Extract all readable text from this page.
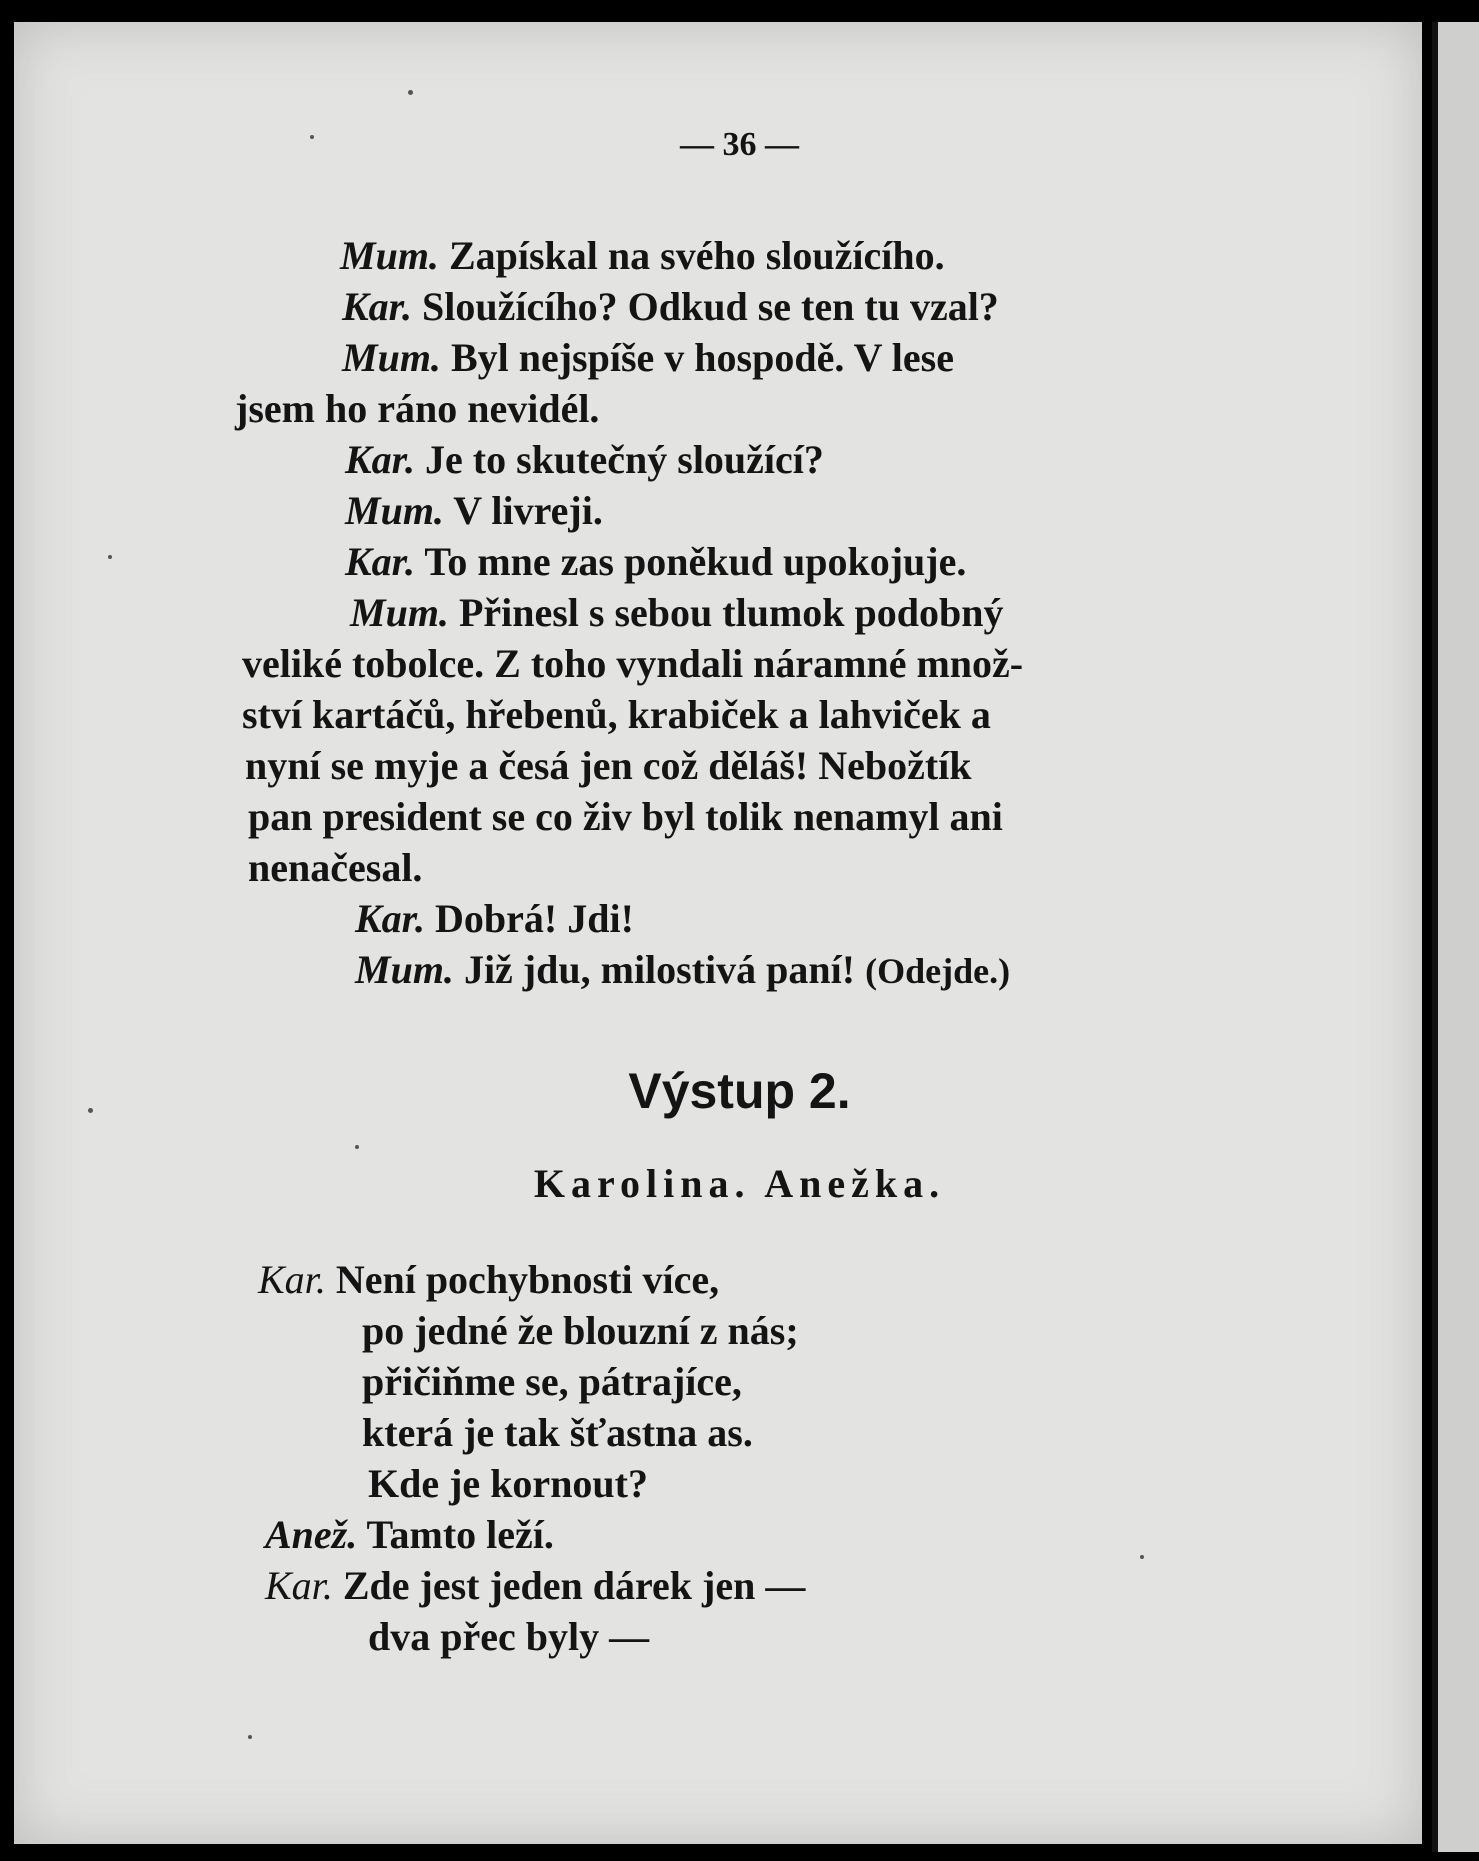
— 36 —
Mum. Zapískal na svého sloužícího.
Kar. Sloužícího? Odkud se ten tu vzal?
Mum. Byl nejspíše v hospodě. V lese
jsem ho ráno nevidél.
Kar. Je to skutečný sloužící?
Mum. V livreji.
Kar. To mne zas poněkud upokojuje.
Mum. Přinesl s sebou tlumok podobný
veliké tobolce. Z toho vyndali náramné množ-
ství kartáčů, hřebenů, krabiček a lahviček a
nyní se myje a česá jen což děláš! Nebožtík
pan president se co živ byl tolik nenamyl ani
nenačesal.
Kar. Dobrá! Jdi!
Mum. Již jdu, milostivá paní! (Odejde.)
Výstup 2.
Karolina. Anežka.
Kar. Není pochybnosti více,
po jedné že blouzní z nás;
přičiňme se, pátrajíce,
která je tak šťastna as.
Kde je kornout?
Anež. Tamto leží.
Kar. Zde jest jeden dárek jen —
dva přec byly —
